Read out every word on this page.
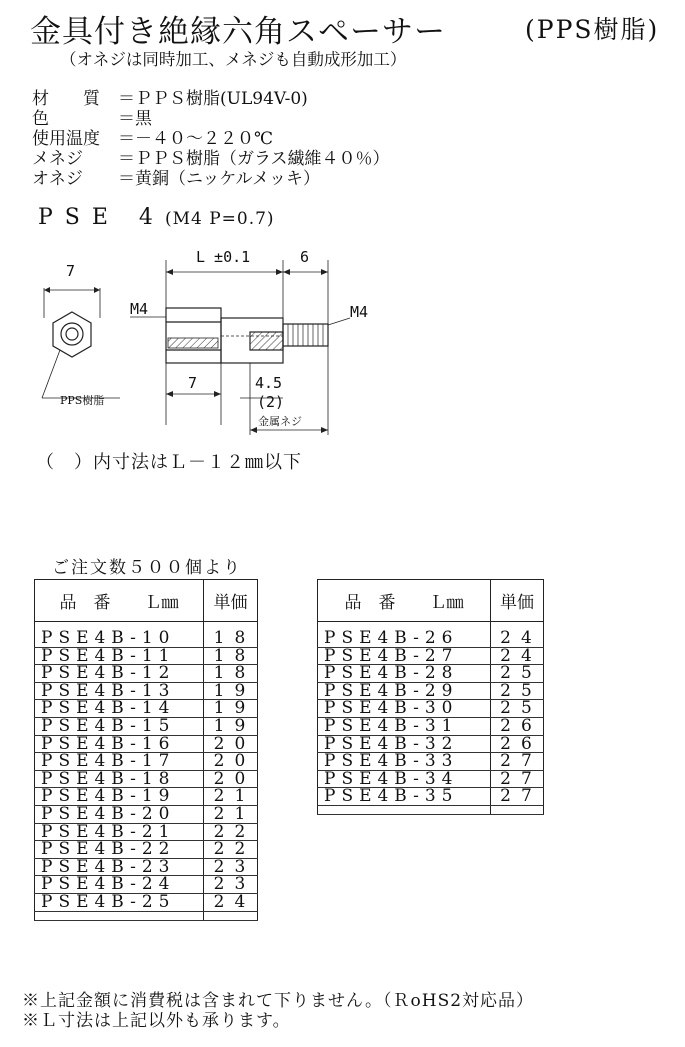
金具付き絶縁六角スペーサー	(PPS樹脂)
（オネジは同時加工、メネジも自動成形加工）
材　　質 ＝ＰＰＳ樹脂(UL94V-0)
色	＝黒
使用温度 ＝－４０～２２０℃
メネジ ＝ＰＰＳ樹脂（ガラス繊維４０％）
オネジ ＝黄銅（ニッケルメッキ）
PSE 4(M4 P=0.7)
7
L ±0.1	6
M4	M4
7	4.5
(2)
PPS樹脂
金属ネジ
（　）内寸法はＬ－１２㎜以下
ご注文数５００個より
品　番　　Ｌ㎜	単価

PSE4B-10	18
PSE4B-11	18
PSE4B-12	18
PSE4B-13	19
PSE4B-14	19
PSE4B-15	19
PSE4B-16	20
PSE4B-17	20
PSE4B-18	20
PSE4B-19	21
PSE4B-20	21
PSE4B-21	22
PSE4B-22	22
PSE4B-23	23
PSE4B-24	23
PSE4B-25	24

品　番　　Ｌ㎜	単価

PSE4B-26	24
PSE4B-27	24
PSE4B-28	25
PSE4B-29	25
PSE4B-30	25
PSE4B-31	26
PSE4B-32	26
PSE4B-33	27
PSE4B-34	27
PSE4B-35	27

※上記金額に消費税は含まれて下りません。（ＲoHS2対応品）
※Ｌ寸法は上記以外も承ります。
